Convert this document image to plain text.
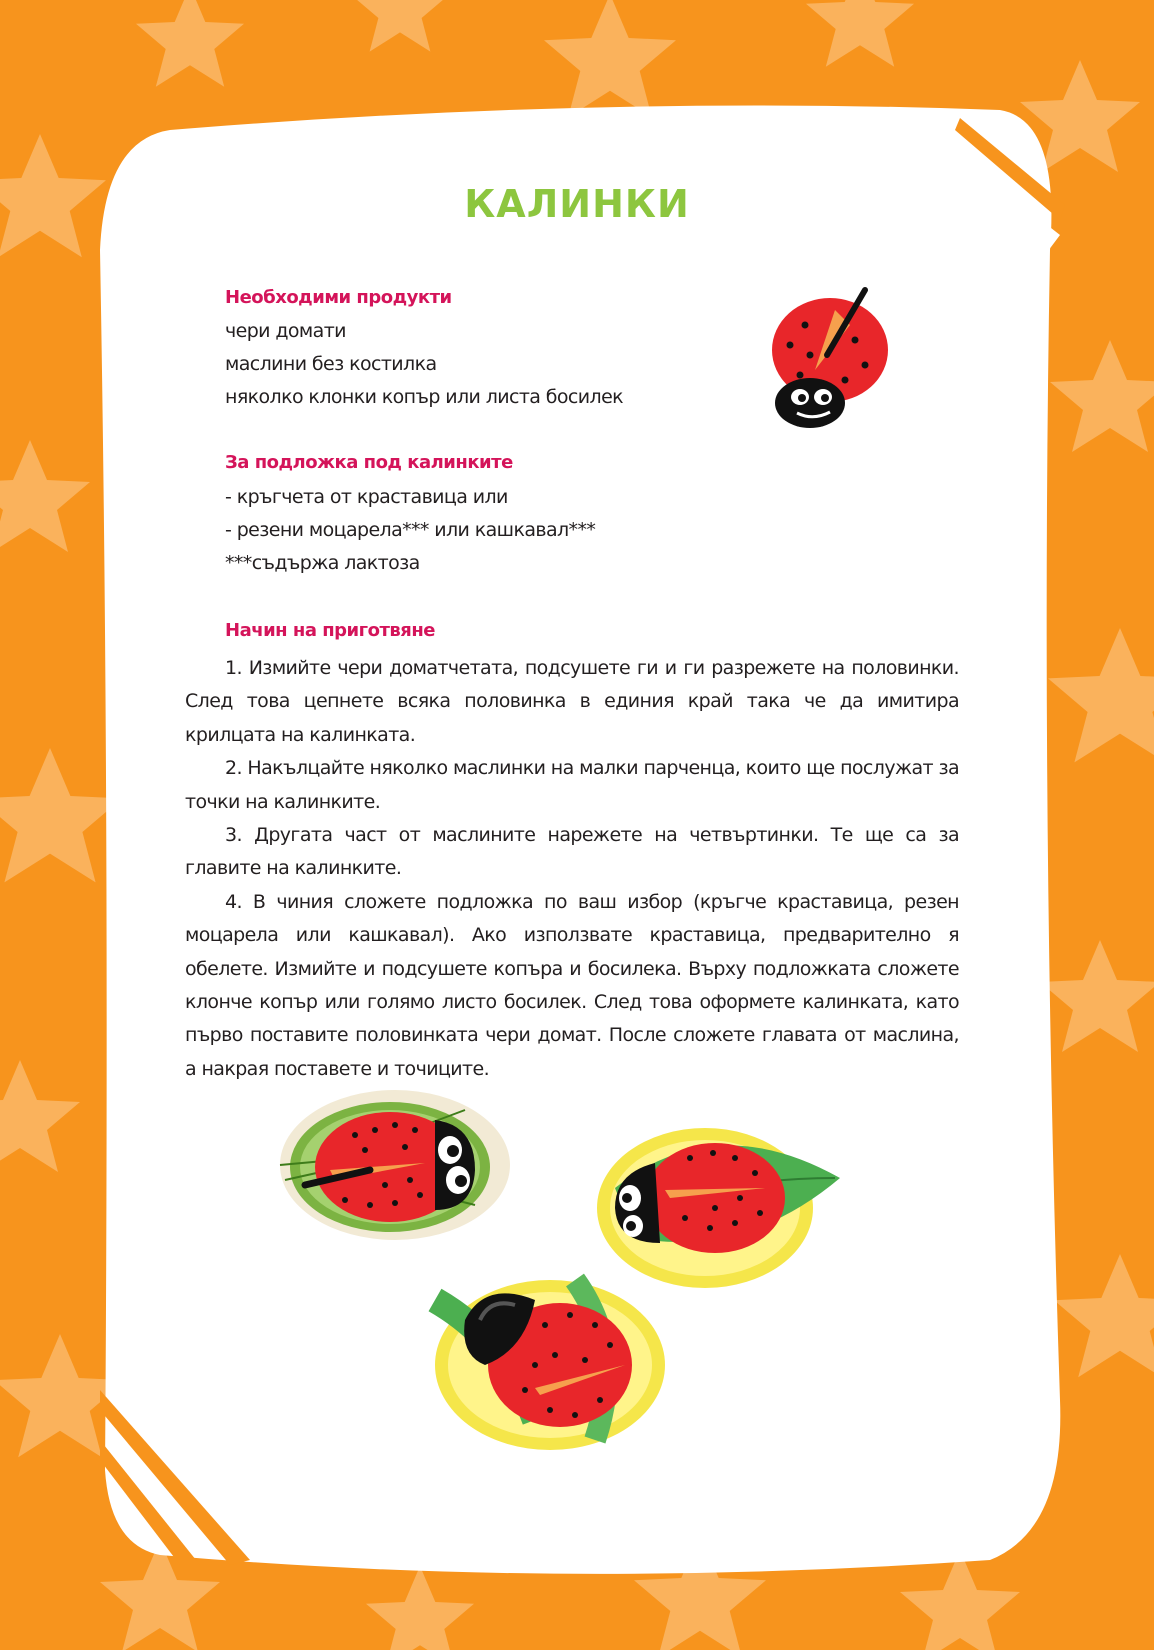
КАЛИНКИ
Необходими продукти
чери домати
маслини без костилка
няколко клонки копър или листа босилек
За подложка под калинките
- кръгчета от краставица или
- резени моцарела*** или кашкавал***
***съдържа лактоза
Начин на приготвяне

1. Измийте чери доматчетата, подсушете ги и ги разрежете на половинки. След това цепнете всяка половинка в единия край така че да имитира крилцата на калинката.

2. Накълцайте няколко маслинки на малки парченца, които ще послужат за точки на калинките.

3. Другата част от маслините нарежете на четвъртинки. Те ще са за главите на калинките.

4. В чиния сложете подложка по ваш избор (кръгче краставица, резен моцарела или кашкавал). Ако използвате краставица, предварително я обелете. Измийте и подсушете копъра и босилека. Върху подложката сложете клонче копър или голямо листо босилек. След това оформете калинката, като първо поставите половинката чери домат. После сложете главата от маслина, а накрая поставете и точиците.
